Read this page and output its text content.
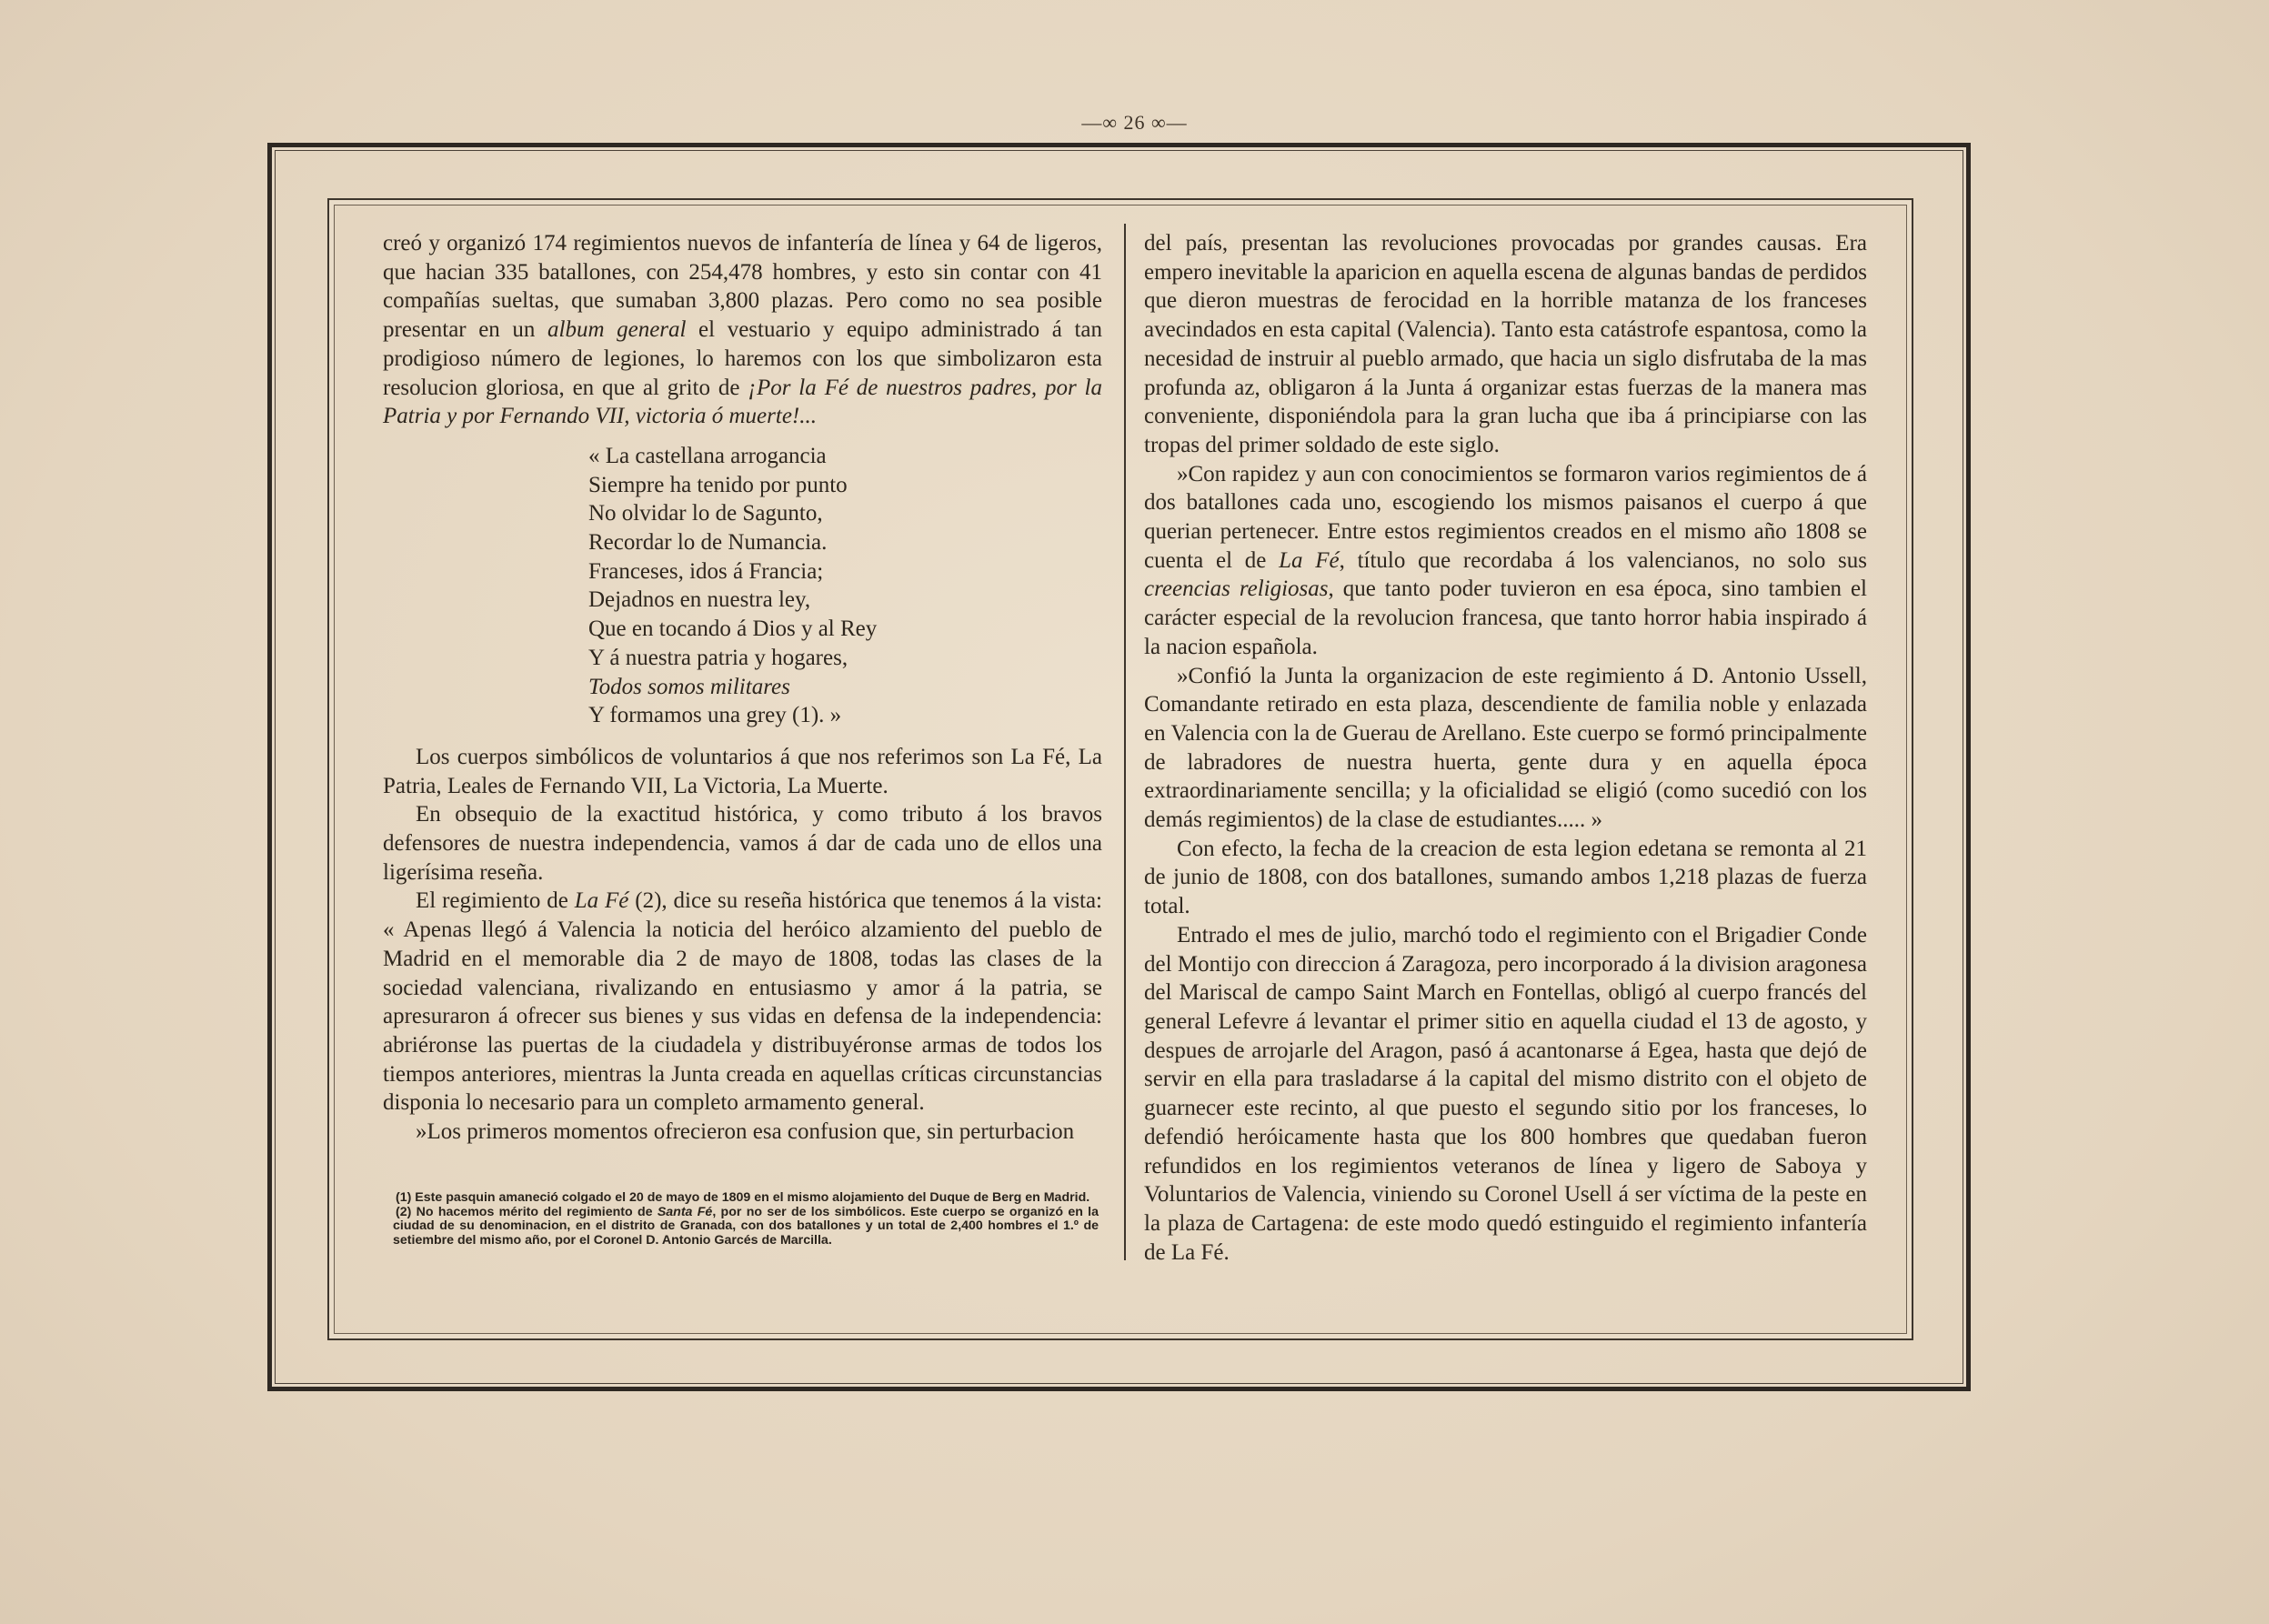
—∞ 26 ∞—

creó y organizó 174 regimientos nuevos de infantería de línea y 64 de ligeros, que hacian 335 batallones, con 254,478 hombres, y esto sin contar con 41 compañías sueltas, que sumaban 3,800 plazas. Pero como no sea posible presentar en un album general el vestuario y equipo administrado á tan prodigioso número de legiones, lo haremos con los que simbolizaron esta resolucion gloriosa, en que al grito de ¡Por la Fé de nuestros padres, por la Patria y por Fernando VII, victoria ó muerte!...

« La castellana arrogancia
Siempre ha tenido por punto
No olvidar lo de Sagunto,
Recordar lo de Numancia.
Franceses, idos á Francia;
Dejadnos en nuestra ley,
Que en tocando á Dios y al Rey
Y á nuestra patria y hogares,
Todos somos militares
Y formamos una grey (1). »

Los cuerpos simbólicos de voluntarios á que nos referimos son La Fé, La Patria, Leales de Fernando VII, La Victoria, La Muerte.

En obsequio de la exactitud histórica, y como tributo á los bravos defensores de nuestra independencia, vamos á dar de cada uno de ellos una ligerísima reseña.

El regimiento de La Fé (2), dice su reseña histórica que tenemos á la vista: « Apenas llegó á Valencia la noticia del heróico alzamiento del pueblo de Madrid en el memorable dia 2 de mayo de 1808, todas las clases de la sociedad valenciana, rivalizando en entusiasmo y amor á la patria, se apresuraron á ofrecer sus bienes y sus vidas en defensa de la independencia: abriéronse las puertas de la ciudadela y distribuyéronse armas de todos los tiempos anteriores, mientras la Junta creada en aquellas críticas circunstancias disponia lo necesario para un completo armamento general.

»Los primeros momentos ofrecieron esa confusion que, sin perturbacion

(1) Este pasquin amaneció colgado el 20 de mayo de 1809 en el mismo alojamiento del Duque de Berg en Madrid.

(2) No hacemos mérito del regimiento de Santa Fé, por no ser de los simbólicos. Este cuerpo se organizó en la ciudad de su denominacion, en el distrito de Granada, con dos batallones y un total de 2,400 hombres el 1.º de setiembre del mismo año, por el Coronel D. Antonio Garcés de Marcilla.

del país, presentan las revoluciones provocadas por grandes causas. Era empero inevitable la aparicion en aquella escena de algunas bandas de perdidos que dieron muestras de ferocidad en la horrible matanza de los franceses avecindados en esta capital (Valencia). Tanto esta catástrofe espantosa, como la necesidad de instruir al pueblo armado, que hacia un siglo disfrutaba de la mas profunda az, obligaron á la Junta á organizar estas fuerzas de la manera mas conveniente, disponiéndola para la gran lucha que iba á principiarse con las tropas del primer soldado de este siglo.

»Con rapidez y aun con conocimientos se formaron varios regimientos de á dos batallones cada uno, escogiendo los mismos paisanos el cuerpo á que querian pertenecer. Entre estos regimientos creados en el mismo año 1808 se cuenta el de La Fé, título que recordaba á los valencianos, no solo sus creencias religiosas, que tanto poder tuvieron en esa época, sino tambien el carácter especial de la revolucion francesa, que tanto horror habia inspirado á la nacion española.

»Confió la Junta la organizacion de este regimiento á D. Antonio Ussell, Comandante retirado en esta plaza, descendiente de familia noble y enlazada en Valencia con la de Guerau de Arellano. Este cuerpo se formó principalmente de labradores de nuestra huerta, gente dura y en aquella época extraordinariamente sencilla; y la oficialidad se eligió (como sucedió con los demás regimientos) de la clase de estudiantes..... »

Con efecto, la fecha de la creacion de esta legion edetana se remonta al 21 de junio de 1808, con dos batallones, sumando ambos 1,218 plazas de fuerza total.

Entrado el mes de julio, marchó todo el regimiento con el Brigadier Conde del Montijo con direccion á Zaragoza, pero incorporado á la division aragonesa del Mariscal de campo Saint March en Fontellas, obligó al cuerpo francés del general Lefevre á levantar el primer sitio en aquella ciudad el 13 de agosto, y despues de arrojarle del Aragon, pasó á acantonarse á Egea, hasta que dejó de servir en ella para trasladarse á la capital del mismo distrito con el objeto de guarnecer este recinto, al que puesto el segundo sitio por los franceses, lo defendió heróicamente hasta que los 800 hombres que quedaban fueron refundidos en los regimientos veteranos de línea y ligero de Saboya y Voluntarios de Valencia, viniendo su Coronel Usell á ser víctima de la peste en la plaza de Cartagena: de este modo quedó estinguido el regimiento infantería de La Fé.
